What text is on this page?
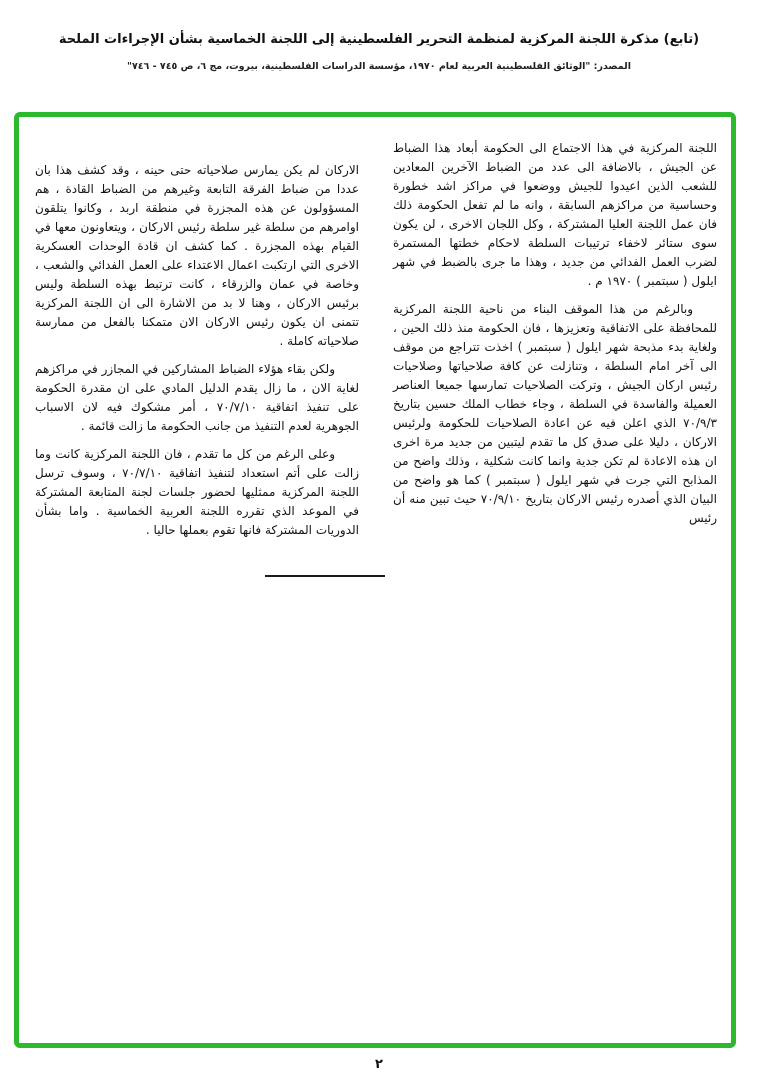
(تابع) مذكرة اللجنة المركزية لمنظمة التحرير الفلسطينية إلى اللجنة الخماسية بشأن الإجراءات الملحة
المصدر: "الوثائق الفلسطينية العربية لعام ١٩٧٠، مؤسسة الدراسات الفلسطينية، بيروت، مج ٦، ص ٧٤٥ - ٧٤٦"

اللجنة المركزية في هذا الاجتماع الى الحكومة أبعاد هذا الضباط عن الجيش ، بالاضافة الى عدد من الضباط الآخرين المعادين للشعب الذين اعيدوا للجيش ووضعوا في مراكز اشد خطورة وحساسية من مراكزهم السابقة ، وانه ما لم تفعل الحكومة ذلك فان عمل اللجنة العليا المشتركة ، وكل اللجان الاخرى ، لن يكون سوى ستائر لاخفاء ترتيبات السلطة لاحكام خطتها المستمرة لضرب العمل الفدائي من جديد ، وهذا ما جرى بالضبط في شهر ايلول ( سبتمبر ) ١٩٧٠ م .

وبالرغم من هذا الموقف البناء من ناحية اللجنة المركزية للمحافظة على الاتفاقية وتعزيزها ، فان الحكومة منذ ذلك الحين ، ولغاية بدء مذبحة شهر ايلول ( سبتمبر ) اخذت تتراجع من موقف الى آخر امام السلطة ، وتنازلت عن كافة صلاحياتها وصلاحيات رئيس اركان الجيش ، وتركت الصلاحيات تمارسها جميعا العناصر العميلة والفاسدة في السلطة ، وجاء خطاب الملك حسين بتاريخ ٧٠/٩/٣ الذي اعلن فيه عن اعادة الصلاحيات للحكومة ولرئيس الاركان ، دليلا على صدق كل ما تقدم ليتبين من جديد مرة اخرى ان هذه الاعادة لم تكن جدية وانما كانت شكلية ، وذلك واضح من المذابح التي جرت في شهر ايلول ( سبتمبر ) كما هو واضح من البيان الذي أصدره رئيس الاركان بتاريخ ٧٠/٩/١٠ حيث تبين منه أن رئيس

الاركان لم يكن يمارس صلاحياته حتى حينه ، وقد كشف هذا بان عددا من ضباط الفرقة التابعة وغيرهم من الضباط القادة ، هم المسؤولون عن هذه المجزرة في منطقة اربد ، وكانوا يتلقون اوامرهم من سلطة غير سلطة رئيس الاركان ، ويتعاونون معها في القيام بهذه المجزرة . كما كشف ان قادة الوحدات العسكرية الاخرى التي ارتكبت اعمال الاعتداء على العمل الفدائي والشعب ، وخاصة في عمان والزرقاء ، كانت ترتبط بهذه السلطة وليس برئيس الاركان ، وهنا لا بد من الاشارة الى ان اللجنة المركزية تتمنى ان يكون رئيس الاركان الان متمكنا بالفعل من ممارسة صلاحياته كاملة .

ولكن بقاء هؤلاء الضباط المشاركين في المجازر في مراكزهم لغاية الان ، ما زال يقدم الدليل المادي على ان مقدرة الحكومة على تنفيذ اتفاقية ٧٠/٧/١٠ ، أمر مشكوك فيه لان الاسباب الجوهرية لعدم التنفيذ من جانب الحكومة ما زالت قائمة .

وعلى الرغم من كل ما تقدم ، فان اللجنة المركزية كانت وما زالت على أتم استعداد لتنفيذ اتفاقية ٧٠/٧/١٠ ، وسوف ترسل اللجنة المركزية ممثليها لحضور جلسات لجنة المتابعة المشتركة في الموعد الذي تقرره اللجنة العربية الخماسية . واما بشأن الدوريات المشتركة فانها تقوم بعملها حاليا .

٢
